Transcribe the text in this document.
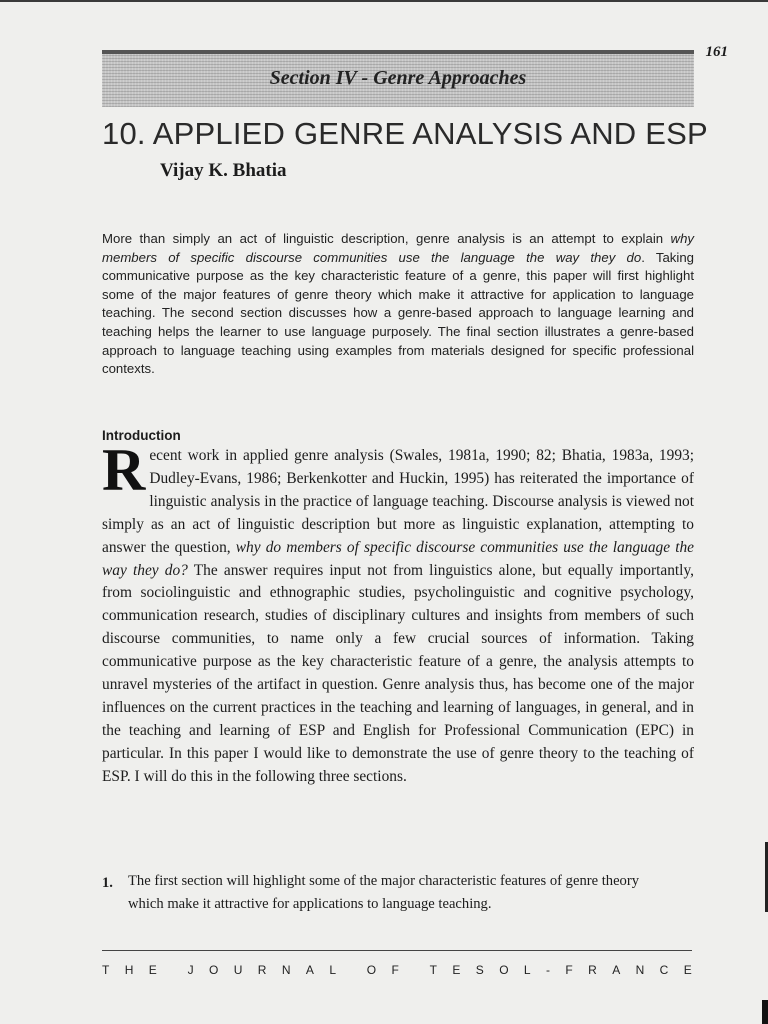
161
Section IV - Genre Approaches
10. APPLIED GENRE ANALYSIS AND ESP
Vijay K. Bhatia
More than simply an act of linguistic description, genre analysis is an attempt to explain why members of specific discourse communities use the language the way they do. Taking communicative purpose as the key characteristic feature of a genre, this paper will first highlight some of the major features of genre theory which make it attractive for application to language teaching. The second section discusses how a genre-based approach to language learning and teaching helps the learner to use language purposely. The final section illustrates a genre-based approach to language teaching using examples from materials designed for specific professional contexts.
Introduction
Recent work in applied genre analysis (Swales, 1981a, 1990; 82; Bhatia, 1983a, 1993; Dudley-Evans, 1986; Berkenkotter and Huckin, 1995) has reiterated the importance of linguistic analysis in the practice of language teaching. Discourse analysis is viewed not simply as an act of linguistic description but more as linguistic explanation, attempting to answer the question, why do members of specific discourse communities use the language the way they do? The answer requires input not from linguistics alone, but equally importantly, from sociolinguistic and ethnographic studies, psycholinguistic and cognitive psychology, communication research, studies of disciplinary cultures and insights from members of such discourse communities, to name only a few crucial sources of information. Taking communicative purpose as the key characteristic feature of a genre, the analysis attempts to unravel mysteries of the artifact in question. Genre analysis thus, has become one of the major influences on the current practices in the teaching and learning of languages, in general, and in the teaching and learning of ESP and English for Professional Communication (EPC) in particular. In this paper I would like to demonstrate the use of genre theory to the teaching of ESP. I will do this in the following three sections.
1. The first section will highlight some of the major characteristic features of genre theory which make it attractive for applications to language teaching.
T H E	J O U R N A L	O F	T E S O L - F R A N C E
